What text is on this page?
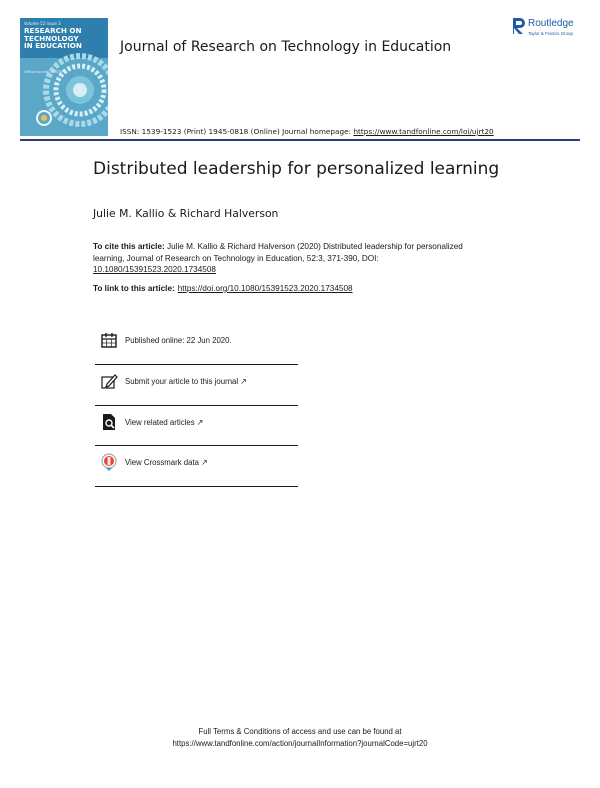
Volume 52 Issue 3
RESEARCH ON
TECHNOLOGY
IN EDUCATION
Official Journal of ISTE
Journal of Research on Technology in Education
Routledge
Taylor & Francis Group
ISSN: 1539-1523 (Print) 1945-0818 (Online) Journal homepage: https://www.tandfonline.com/loi/ujrt20
Distributed leadership for personalized learning
Julie M. Kallio & Richard Halverson
To cite this article: Julie M. Kallio & Richard Halverson (2020) Distributed leadership for personalized learning, Journal of Research on Technology in Education, 52:3, 371-390, DOI: 10.1080/15391523.2020.1734508
To link to this article: https://doi.org/10.1080/15391523.2020.1734508
Published online: 22 Jun 2020.
Submit your article to this journal ↗
View related articles ↗
View Crossmark data ↗
Full Terms & Conditions of access and use can be found at
https://www.tandfonline.com/action/journalInformation?journalCode=ujrt20
